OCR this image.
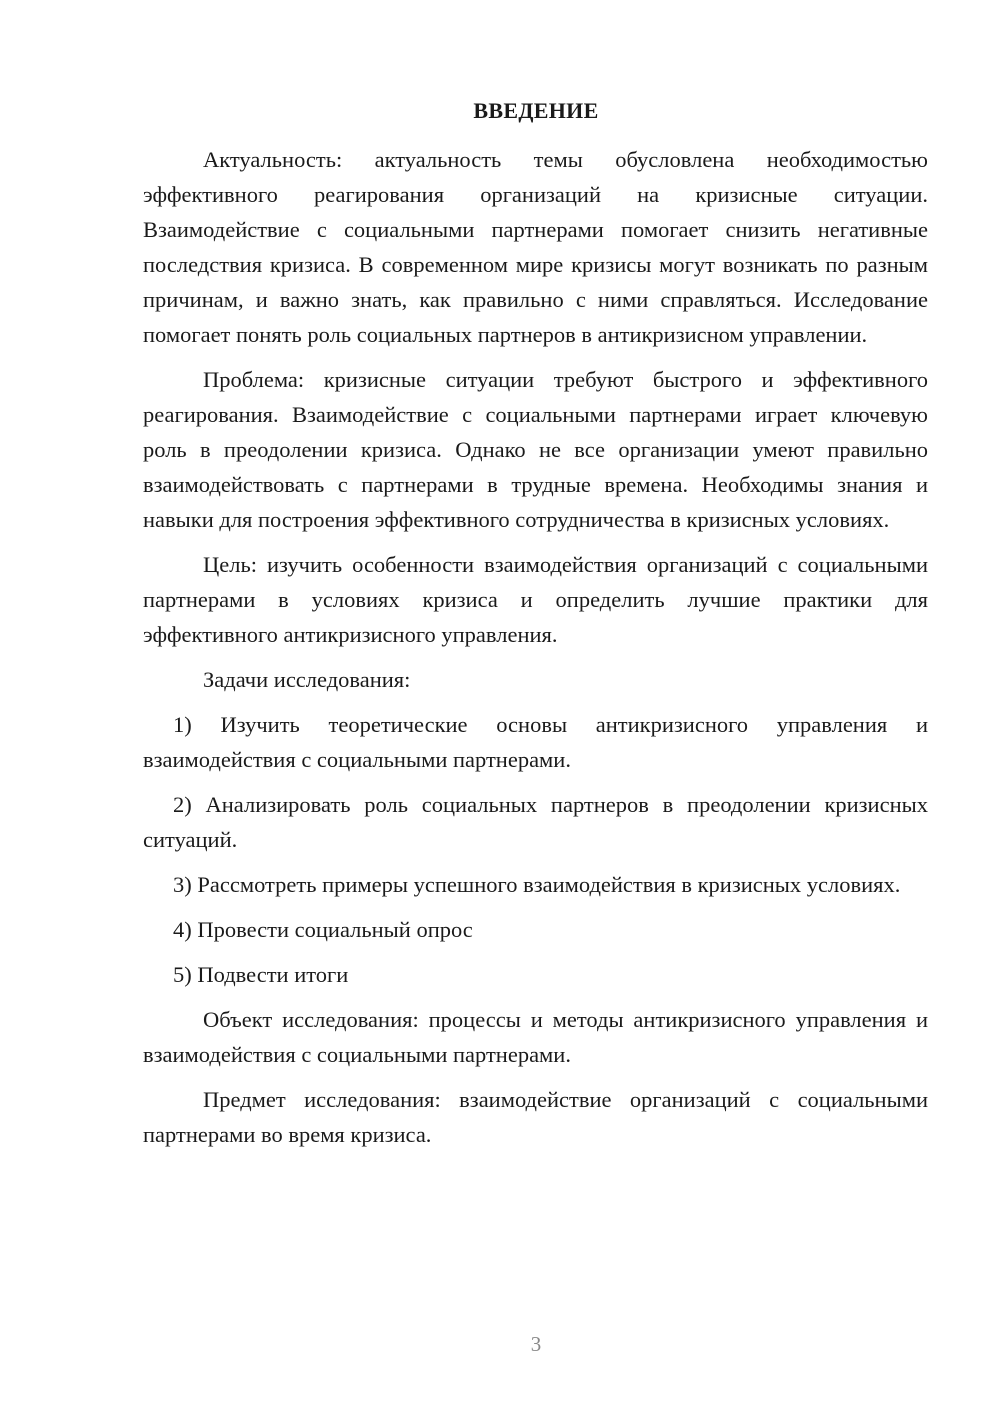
ВВЕДЕНИЕ

Актуальность: актуальность темы обусловлена необходимостью эффективного реагирования организаций на кризисные ситуации. Взаимодействие с социальными партнерами помогает снизить негативные последствия кризиса. В современном мире кризисы могут возникать по разным причинам, и важно знать, как правильно с ними справляться. Исследование помогает понять роль социальных партнеров в антикризисном управлении.

Проблема: кризисные ситуации требуют быстрого и эффективного реагирования. Взаимодействие с социальными партнерами играет ключевую роль в преодолении кризиса. Однако не все организации умеют правильно взаимодействовать с партнерами в трудные времена. Необходимы знания и навыки для построения эффективного сотрудничества в кризисных условиях.

Цель: изучить особенности взаимодействия организаций с социальными партнерами в условиях кризиса и определить лучшие практики для эффективного антикризисного управления.

Задачи исследования:

1) Изучить теоретические основы антикризисного управления и взаимодействия с социальными партнерами.

2) Анализировать роль социальных партнеров в преодолении кризисных ситуаций.

3) Рассмотреть примеры успешного взаимодействия в кризисных условиях.

4) Провести социальный опрос

5) Подвести итоги

Объект исследования: процессы и методы антикризисного управления и взаимодействия с социальными партнерами.

Предмет исследования: взаимодействие организаций с социальными партнерами во время кризиса.

3
